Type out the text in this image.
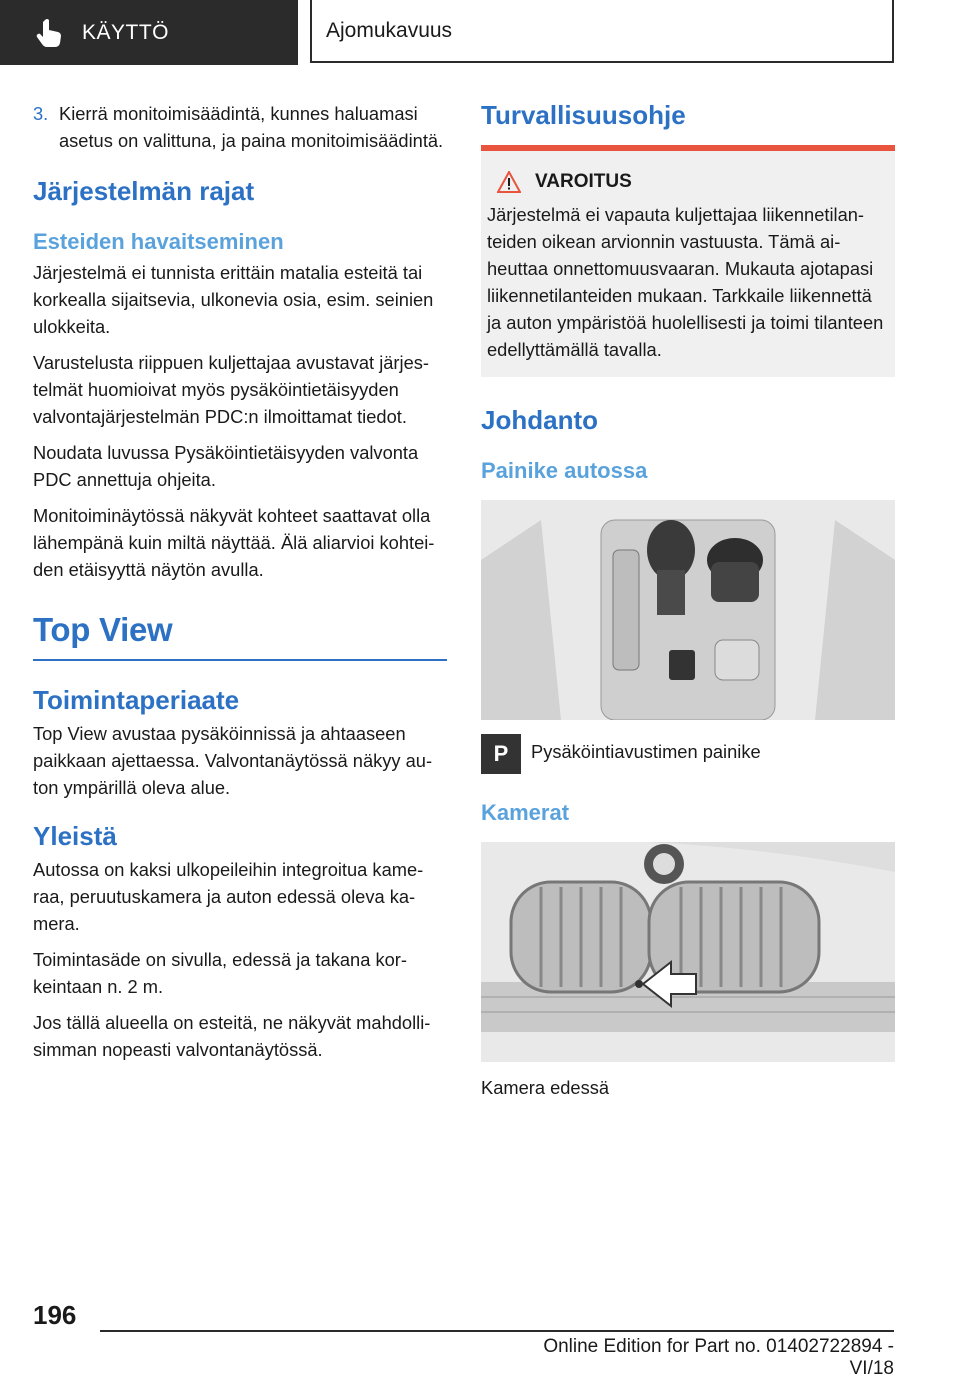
KÄYTTÖ	Ajomukavuus
3. Kierrä monitoimisäädintä, kunnes haluamasi asetus on valittuna, ja paina monitoimisäädintä.
Järjestelmän rajat
Esteiden havaitseminen

Järjestelmä ei tunnista erittäin matalia esteitä tai korkealla sijaitsevia, ulkonevia osia, esim. seinien ulokkeita.

Varustelusta riippuen kuljettajaa avustavat järjestelmät huomioivat myös pysäköintietäisyyden valvontajärjestelmän PDC:n ilmoittamat tiedot.

Noudata luvussa Pysäköintietäisyyden valvonta PDC annettuja ohjeita.

Monitoiminäytössä näkyvät kohteet saattavat olla lähempänä kuin miltä näyttää. Älä aliarvioi kohteiden etäisyyttä näytön avulla.

Top View
Toimintaperiaate

Top View avustaa pysäköinnissä ja ahtaaseen paikkaan ajettaessa. Valvontanäytössä näkyy auton ympärillä oleva alue.

Yleistä

Autossa on kaksi ulkopeileihin integroitua kameraa, peruutuskamera ja auton edessä oleva kamera.

Toimintasäde on sivulla, edessä ja takana korkeintaan n. 2 m.

Jos tällä alueella on esteitä, ne näkyvät mahdollisimman nopeasti valvontanäytössä.

Turvallisuusohje
VAROITUS

Järjestelmä ei vapauta kuljettajaa liikennetilanteiden oikean arvionnin vastuusta. Tämä aiheuttaa onnettomuusvaaran. Mukauta ajotapasi liikennetilanteiden mukaan. Tarkkaile liikennettä ja auton ympäristöä huolellisesti ja toimi tilanteen edellyttämällä tavalla.

Johdanto
Painike autossa
P	Pysäköintiavustimen painike

Kamerat

Kamera edessä

196
Online Edition for Part no. 01402722894 - VI/18
